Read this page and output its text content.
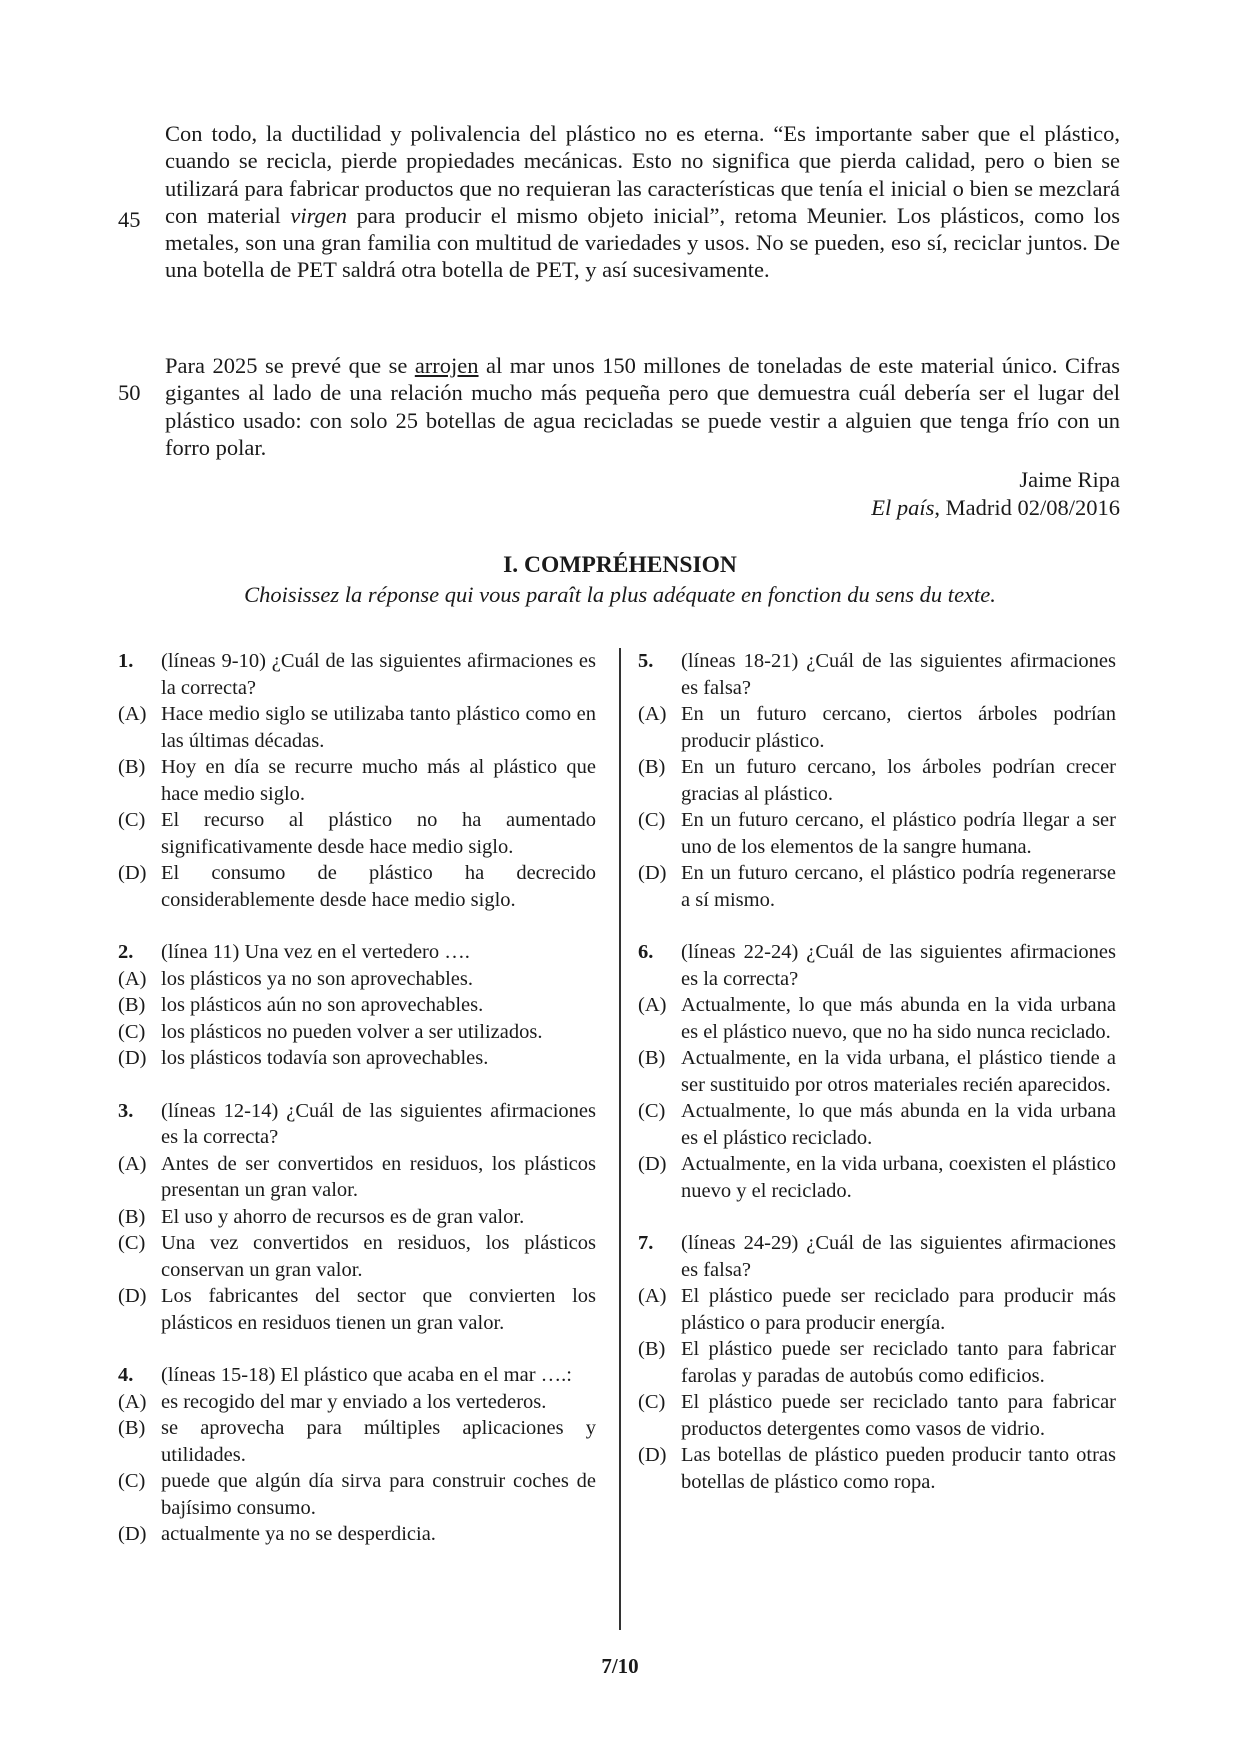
45
Con todo, la ductilidad y polivalencia del plástico no es eterna. “Es importante saber que el plástico, cuando se recicla, pierde propiedades mecánicas. Esto no significa que pierda calidad, pero o bien se utilizará para fabricar productos que no requieran las características que tenía el inicial o bien se mezclará con material virgen para producir el mismo objeto inicial”, retoma Meunier. Los plásticos, como los metales, son una gran familia con multitud de variedades y usos. No se pueden, eso sí, reciclar juntos. De una botella de PET saldrá otra botella de PET, y así sucesivamente.
50
Para 2025 se prevé que se arrojen al mar unos 150 millones de toneladas de este material único. Cifras gigantes al lado de una relación mucho más pequeña pero que demuestra cuál debería ser el lugar del plástico usado: con solo 25 botellas de agua recicladas se puede vestir a alguien que tenga frío con un forro polar.
Jaime Ripa
El país, Madrid 02/08/2016
I. COMPRÉHENSION
Choisissez la réponse qui vous paraît la plus adéquate en fonction du sens du texte.
1.	(líneas 9-10) ¿Cuál de las siguientes afirmaciones es la correcta?
(A) Hace medio siglo se utilizaba tanto plástico como en las últimas décadas.
(B) Hoy en día se recurre mucho más al plástico que hace medio siglo.
(C) El recurso al plástico no ha aumentado significativamente desde hace medio siglo.
(D) El consumo de plástico ha decrecido considerablemente desde hace medio siglo.
2.	(línea 11) Una vez en el vertedero ….
(A) los plásticos ya no son aprovechables.
(B) los plásticos aún no son aprovechables.
(C) los plásticos no pueden volver a ser utilizados.
(D) los plásticos todavía son aprovechables.
3.	(líneas 12-14) ¿Cuál de las siguientes afirmaciones es la correcta?
(A) Antes de ser convertidos en residuos, los plásticos presentan un gran valor.
(B) El uso y ahorro de recursos es de gran valor.
(C) Una vez convertidos en residuos, los plásticos conservan un gran valor.
(D) Los fabricantes del sector que convierten los plásticos en residuos tienen un gran valor.
4.	(líneas 15-18) El plástico que acaba en el mar ….:
(A) es recogido del mar y enviado a los vertederos.
(B) se aprovecha para múltiples aplicaciones y utilidades.
(C) puede que algún día sirva para construir coches de bajísimo consumo.
(D) actualmente ya no se desperdicia.
5.	(líneas 18-21) ¿Cuál de las siguientes afirmaciones es falsa?
(A) En un futuro cercano, ciertos árboles podrían producir plástico.
(B) En un futuro cercano, los árboles podrían crecer gracias al plástico.
(C) En un futuro cercano, el plástico podría llegar a ser uno de los elementos de la sangre humana.
(D) En un futuro cercano, el plástico podría regenerarse a sí mismo.
6.	(líneas 22-24) ¿Cuál de las siguientes afirmaciones es la correcta?
(A) Actualmente, lo que más abunda en la vida urbana es el plástico nuevo, que no ha sido nunca reciclado.
(B) Actualmente, en la vida urbana, el plástico tiende a ser sustituido por otros materiales recién aparecidos.
(C) Actualmente, lo que más abunda en la vida urbana es el plástico reciclado.
(D) Actualmente, en la vida urbana, coexisten el plástico nuevo y el reciclado.
7.	(líneas 24-29) ¿Cuál de las siguientes afirmaciones es falsa?
(A) El plástico puede ser reciclado para producir más plástico o para producir energía.
(B) El plástico puede ser reciclado tanto para fabricar farolas y paradas de autobús como edificios.
(C) El plástico puede ser reciclado tanto para fabricar productos detergentes como vasos de vidrio.
(D) Las botellas de plástico pueden producir tanto otras botellas de plástico como ropa.
7/10
